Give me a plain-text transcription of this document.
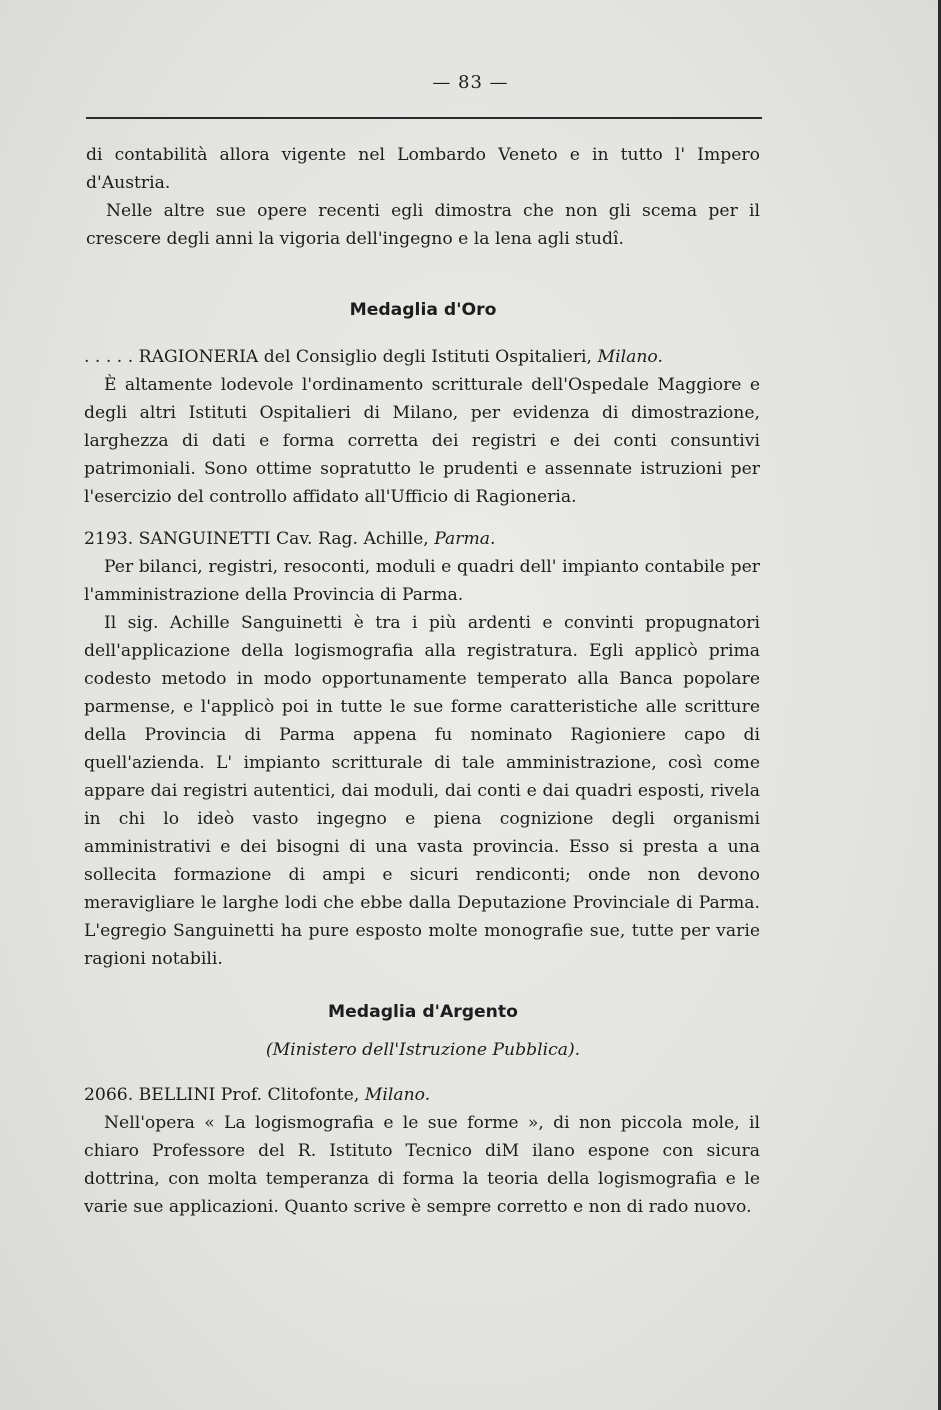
— 83 —

di contabilità allora vigente nel Lombardo Veneto e in tutto l' Impero d'Austria.

Nelle altre sue opere recenti egli dimostra che non gli scema per il crescere degli anni la vigoria dell'ingegno e la lena agli studî.

Medaglia d'Oro

. . . . . RAGIONERIA del Consiglio degli Istituti Ospitalieri, Milano.

È altamente lodevole l'ordinamento scritturale dell'Ospedale Maggiore e degli altri Istituti Ospitalieri di Milano, per evidenza di dimostrazione, larghezza di dati e forma corretta dei registri e dei conti consuntivi patrimoniali. Sono ottime sopratutto le prudenti e assennate istruzioni per l'esercizio del controllo affidato all'Ufficio di Ragioneria.

2193. SANGUINETTI Cav. Rag. Achille, Parma.

Per bilanci, registri, resoconti, moduli e quadri dell' impianto contabile per l'amministrazione della Provincia di Parma.

Il sig. Achille Sanguinetti è tra i più ardenti e convinti propugnatori dell'applicazione della logismografia alla registratura. Egli applicò prima codesto metodo in modo opportunamente temperato alla Banca popolare parmense, e l'applicò poi in tutte le sue forme caratteristiche alle scritture della Provincia di Parma appena fu nominato Ragioniere capo di quell'azienda. L' impianto scritturale di tale amministrazione, così come appare dai registri autentici, dai moduli, dai conti e dai quadri esposti, rivela in chi lo ideò vasto ingegno e piena cognizione degli organismi amministrativi e dei bisogni di una vasta provincia. Esso si presta a una sollecita formazione di ampi e sicuri rendiconti; onde non devono meravigliare le larghe lodi che ebbe dalla Deputazione Provinciale di Parma. L'egregio Sanguinetti ha pure esposto molte monografie sue, tutte per varie ragioni notabili.

Medaglia d'Argento
(Ministero dell'Istruzione Pubblica).

2066. BELLINI Prof. Clitofonte, Milano.

Nell'opera « La logismografia e le sue forme », di non piccola mole, il chiaro Professore del R. Istituto Tecnico diM ilano espone con sicura dottrina, con molta temperanza di forma la teoria della logismografia e le varie sue applicazioni. Quanto scrive è sempre corretto e non di rado nuovo.
